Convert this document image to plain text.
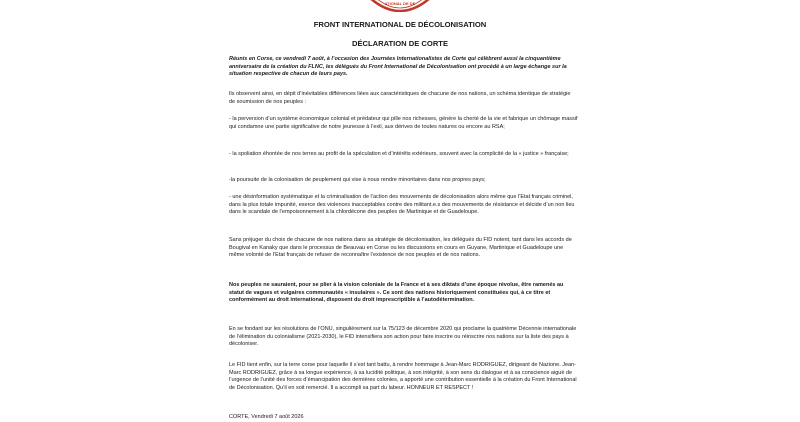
ATIONAL DE DE
FRONT INTERNATIONAL DE DÉCOLONISATION
DÉCLARATION DE CORTE

Réunis en Corse, ce vendredi 7 août, à l’occasion des Journées Internationalistes de Corte qui célèbrent aussi la cinquantième anniversaire de la création du FLNC, les délégués du Front International de Décolonisation ont procédé à un large échange sur la situation respective de chacun de leurs pays.

Ils observent ainsi, en dépit d’inévitables différences liées aux caractéristiques de chacune de nos nations, un schéma identique de stratégie de soumission de nos peuples :

- la perversion d’un système économique colonial et prédateur qui pille nos richesses, génère la cherté de la vie et fabrique un chômage massif qui condamne une partie significative de notre jeunesse à l’exil, aux dérives de toutes natures ou encore au RSA;

- la spoliation éhontée de nos terres au profit de la spéculation et d’intérêts extérieurs, souvent avec la complicité de la « justice » française;

-la poursuite de la colonisation de peuplement qui vise à nous rendre minoritaires dans nos propres pays;

- une désinformation systématique et la criminalisation de l’action des mouvements de décolonisation alors même que l’Etat français criminel, dans la plus totale impunité, exerce des violences inacceptables contre des militant.e.s des mouvements de résistance et décide d’un non lieu dans le scandale de l’empoisonnement à la chlordécone des peuples de Martinique et de Guadeloupe.

Sans préjuger du choix de chacune de nos nations dans sa stratégie de décolonisation, les délégués du FID notent, tant dans les accords de Bougival en Kanaky que dans le processus de Beauvau en Corse ou les discussions en cours en Guyane, Martinique et Guadeloupe une même volonté de l’Etat français de refuser de reconnaître l’existence de nos peuples et de nos nations.

Nos peuples ne sauraient, pour se plier à la vision coloniale de la France et à ses diktats d’une époque révolue, être ramenés au statut de vagues et vulgaires communautés « insulaires ». Ce sont des nations historiquement constituées qui, à ce titre et conformément au droit international, disposent du droit imprescriptible à l’autodétermination.

En se fondant sur les résolutions de l’ONU, singulièrement sur la 75/123 de décembre 2020 qui proclame la quatrième Décennie internationale de l’élimination du colonialisme (2021-2030), le FID intensifiera son action pour faire inscrire ou réinscrire nos nations sur la liste des pays à décoloniser.

Le FID tient enfin, sur la terre corse pour laquelle il s’est tant battu, à rendre hommage à Jean-Marc RODRIGUEZ, dirigeant de Nazione. Jean-Marc RODRIGUEZ, grâce à sa longue expérience, à sa lucidité politique, à son intégrité, à son sens du dialogue et à sa conscience aiguë de l’urgence de l’unité des forces d’émancipation des dernières colonies, a apporté une contribution essentielle à la création du Front International de Décolonisation. Qu’il en soit remercié. Il a accompli sa part du labeur. HONNEUR ET RESPECT !

CORTE, Vendredi 7 août 2026
